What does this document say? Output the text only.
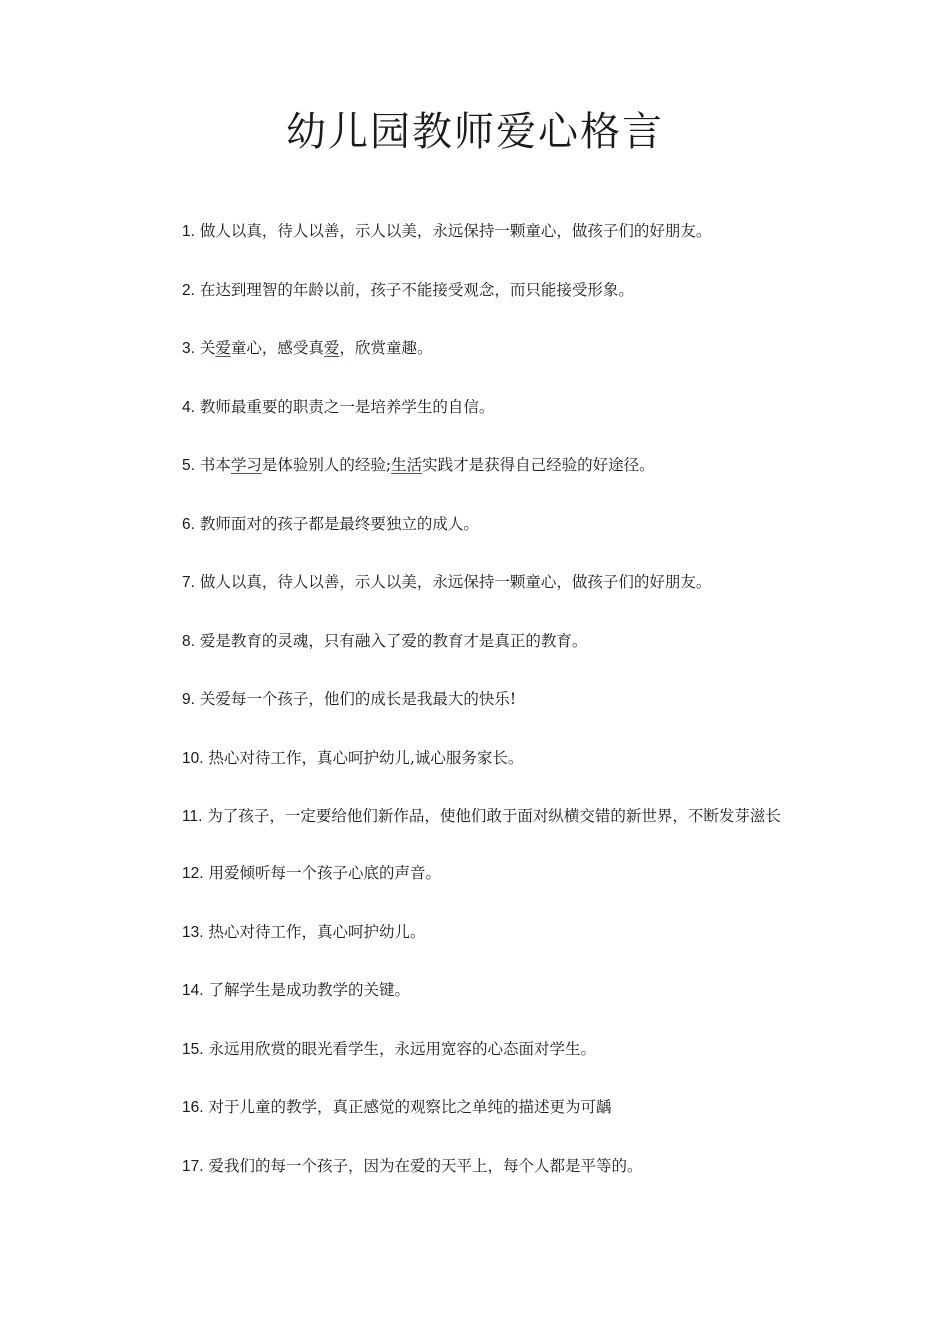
幼儿园教师爱心格言
1. 做人以真，待人以善，示人以美，永远保持一颗童心，做孩子们的好朋友。
2. 在达到理智的年龄以前，孩子不能接受观念，而只能接受形象。
3. 关爱童心，感受真爱，欣赏童趣。
4. 教师最重要的职责之一是培养学生的自信。
5. 书本学习是体验别人的经验;生活实践才是获得自己经验的好途径。
6. 教师面对的孩子都是最终要独立的成人。
7. 做人以真，待人以善，示人以美，永远保持一颗童心，做孩子们的好朋友。
8. 爱是教育的灵魂，只有融入了爱的教育才是真正的教育。
9. 关爱每一个孩子，他们的成长是我最大的快乐!
10. 热心对待工作，真心呵护幼儿,诚心服务家长。
11. 为了孩子，一定要给他们新作品，使他们敢于面对纵横交错的新世界，不断发芽滋长
12. 用爱倾听每一个孩子心底的声音。
13. 热心对待工作，真心呵护幼儿。
14. 了解学生是成功教学的关键。
15. 永远用欣赏的眼光看学生，永远用宽容的心态面对学生。
16. 对于儿童的教学，真正感觉的观察比之单纯的描述更为可龋
17. 爱我们的每一个孩子，因为在爱的天平上，每个人都是平等的。
